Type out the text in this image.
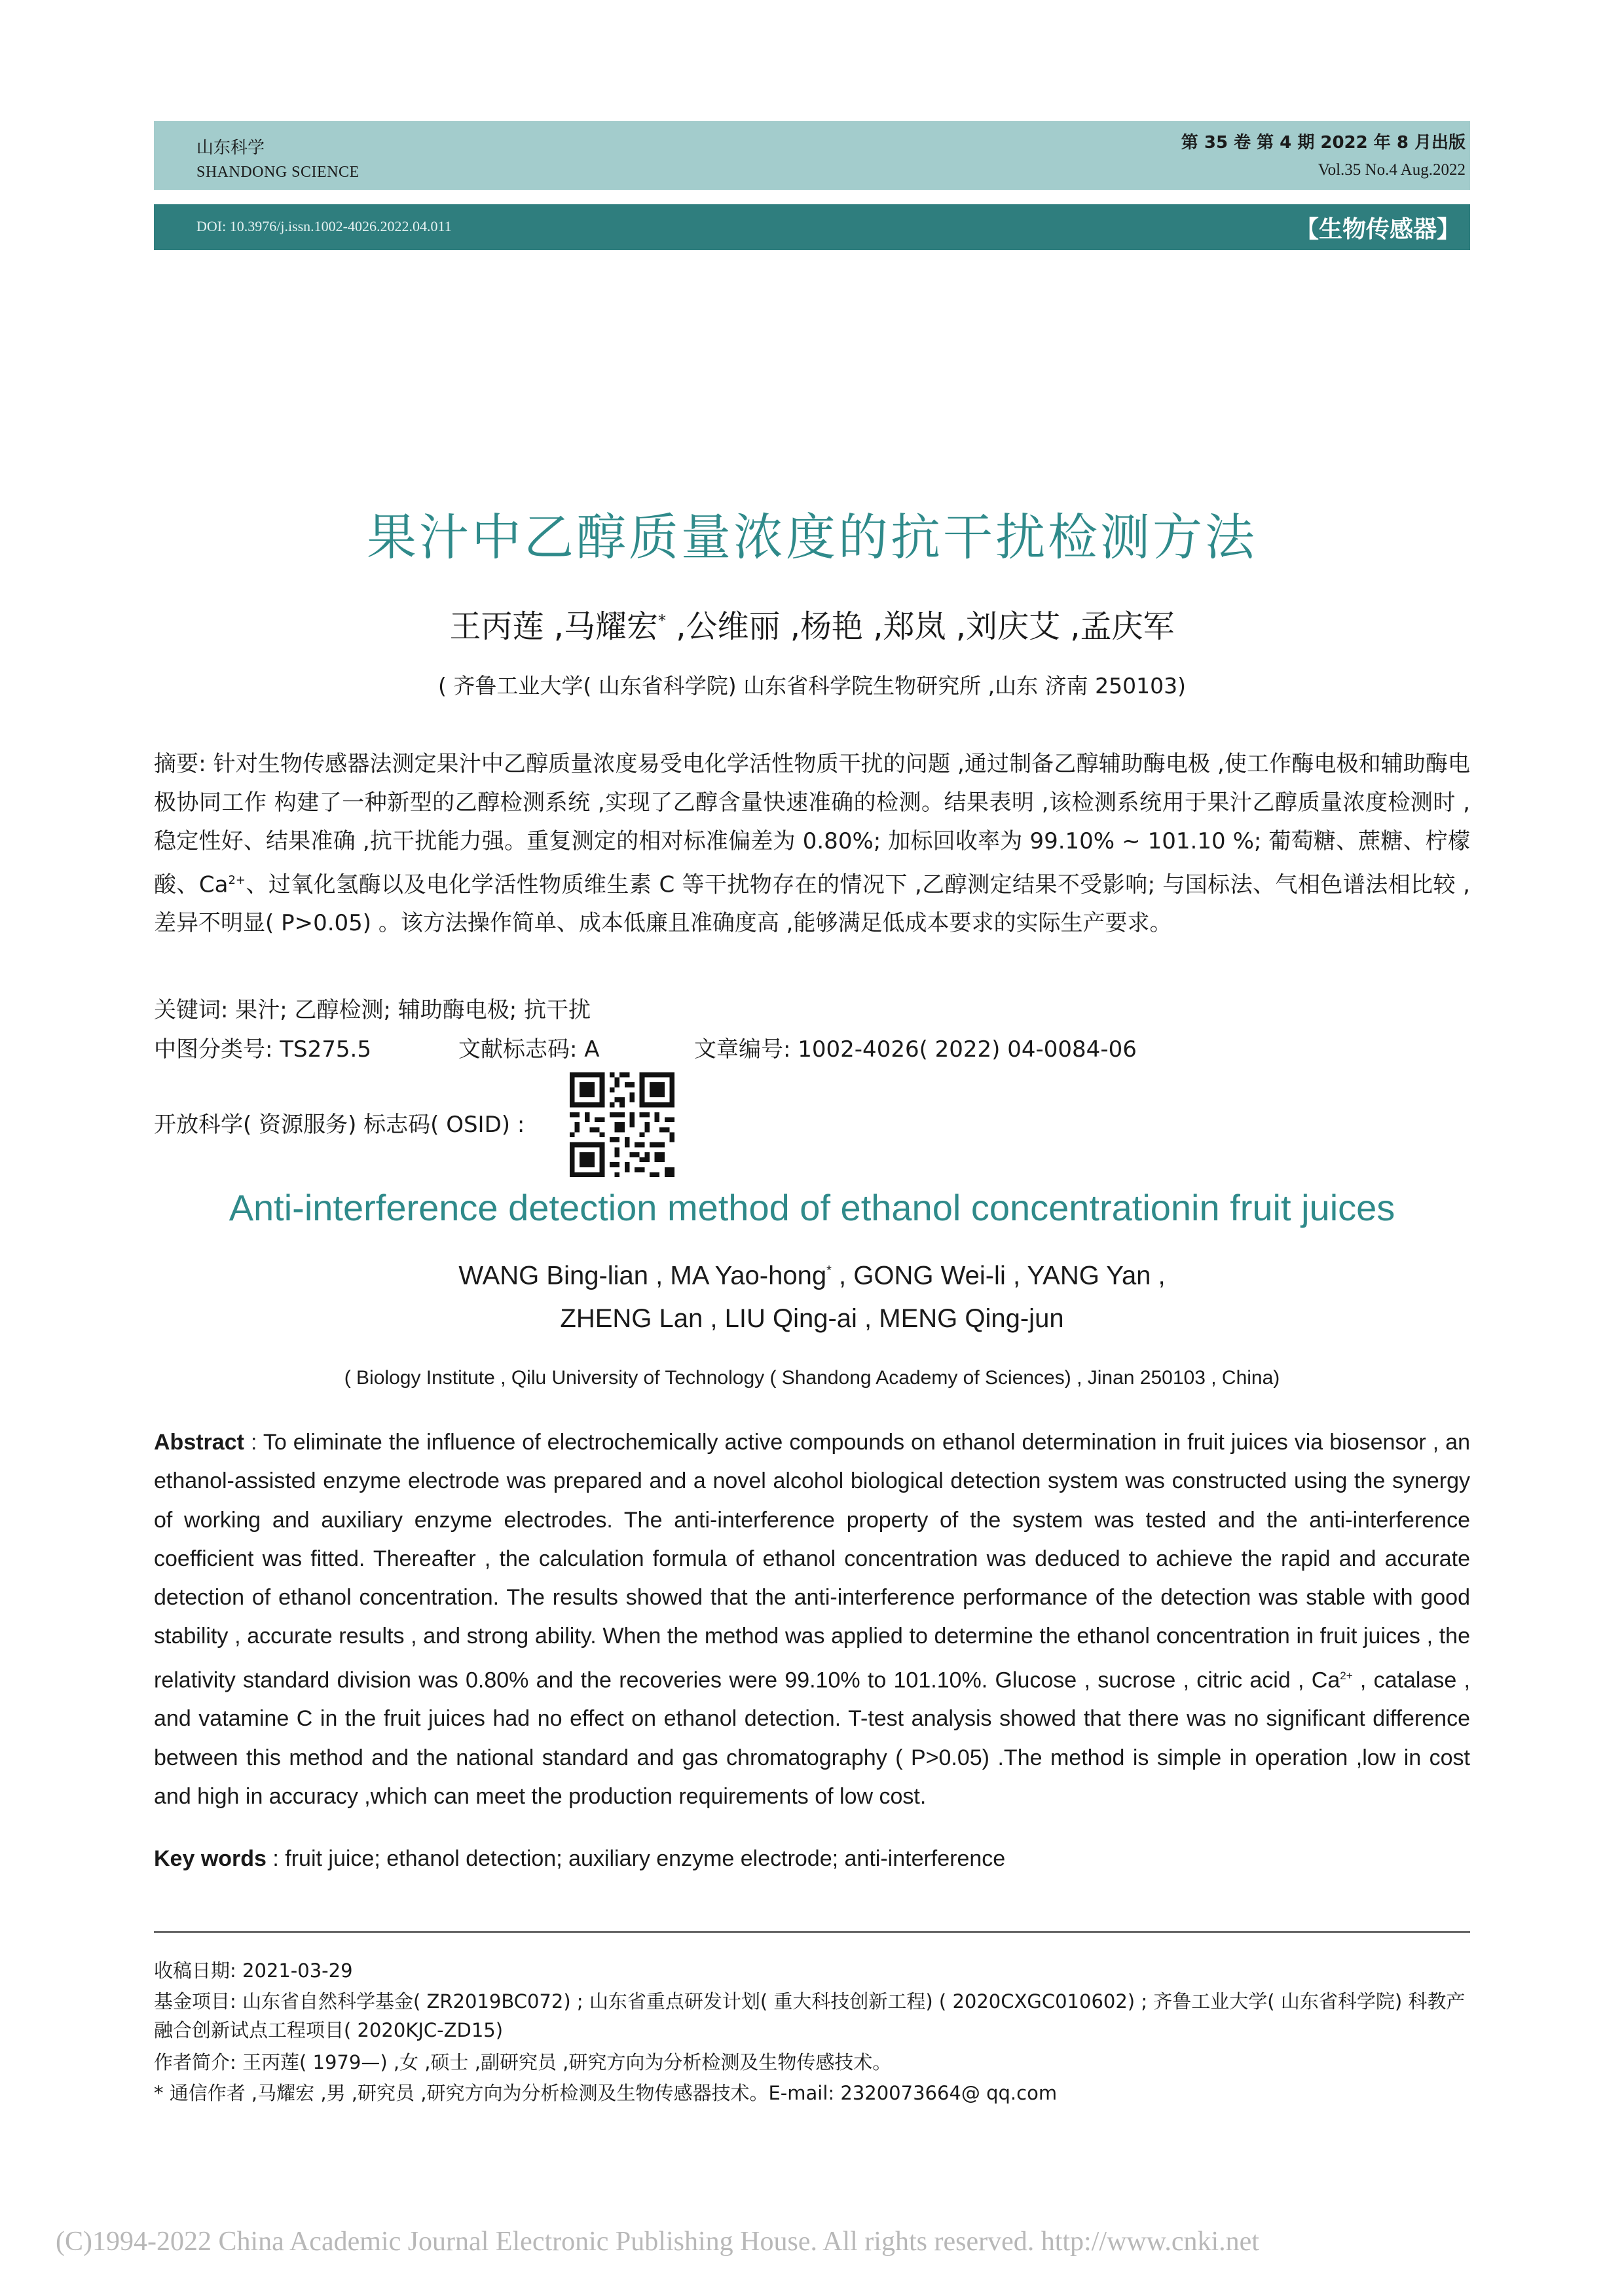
山东科学
SHANDONG SCIENCE
第 35 卷 第 4 期 2022 年 8 月出版
Vol.35 No.4 Aug.2022
DOI: 10.3976/j.issn.1002-4026.2022.04.011	【生物传感器】
果汁中乙醇质量浓度的抗干扰检测方法
王丙莲 ,马耀宏* ,公维丽 ,杨艳 ,郑岚 ,刘庆艾 ,孟庆军
( 齐鲁工业大学( 山东省科学院) 山东省科学院生物研究所 ,山东 济南 250103)
摘要: 针对生物传感器法测定果汁中乙醇质量浓度易受电化学活性物质干扰的问题 ,通过制备乙醇辅助酶电极 ,使工作酶电极和辅助酶电极协同工作 构建了一种新型的乙醇检测系统 ,实现了乙醇含量快速准确的检测。结果表明 ,该检测系统用于果汁乙醇质量浓度检测时 ,稳定性好、结果准确 ,抗干扰能力强。重复测定的相对标准偏差为 0.80%; 加标回收率为 99.10% ~ 101.10 %; 葡萄糖、蔗糖、柠檬酸、$Ca^{2+}$、过氧化氢酶以及电化学活性物质维生素 C 等干扰物存在的情况下 ,乙醇测定结果不受影响; 与国标法、气相色谱法相比较 ,差异不明显( P>0.05) 。该方法操作简单、成本低廉且准确度高 ,能够满足低成本要求的实际生产要求。
关键词: 果汁; 乙醇检测; 辅助酶电极; 抗干扰
中图分类号: TS275.5	文献标志码: A	文章编号: 1002-4026( 2022) 04-0084-06
开放科学( 资源服务) 标志码( OSID) :
Anti-interference detection method of ethanol concentrationin fruit juices
WANG Bing-lian , MA Yao-hong* , GONG Wei-li , YANG Yan ,
ZHENG Lan , LIU Qing-ai , MENG Qing-jun
( Biology Institute , Qilu University of Technology ( Shandong Academy of Sciences) , Jinan 250103 , China)
Abstract : To eliminate the influence of electrochemically active compounds on ethanol determination in fruit juices via biosensor , an ethanol-assisted enzyme electrode was prepared and a novel alcohol biological detection system was constructed using the synergy of working and auxiliary enzyme electrodes. The anti-interference property of the system was tested and the anti-interference coefficient was fitted. Thereafter , the calculation formula of ethanol concentration was deduced to achieve the rapid and accurate detection of ethanol concentration. The results showed that the anti-interference performance of the detection was stable with good stability , accurate results , and strong ability. When the method was applied to determine the ethanol concentration in fruit juices , the relativity standard division was 0.80% and the recoveries were 99.10% to 101.10%. Glucose , sucrose , citric acid , $Ca^{2+}$ , catalase , and vatamine C in the fruit juices had no effect on ethanol detection. T-test analysis showed that there was no significant difference between this method and the national standard and gas chromatography ( P>0.05) .The method is simple in operation ,low in cost and high in accuracy ,which can meet the production requirements of low cost.
Key words : fruit juice; ethanol detection; auxiliary enzyme electrode; anti-interference
收稿日期: 2021-03-29
基金项目: 山东省自然科学基金( ZR2019BC072) ; 山东省重点研发计划( 重大科技创新工程) ( 2020CXGC010602) ; 齐鲁工业大学( 山东省科学院) 科教产融合创新试点工程项目( 2020KJC-ZD15)
作者简介: 王丙莲( 1979—) ,女 ,硕士 ,副研究员 ,研究方向为分析检测及生物传感技术。
* 通信作者 ,马耀宏 ,男 ,研究员 ,研究方向为分析检测及生物传感器技术。E-mail: 2320073664@ qq.com
(C)1994-2022 China Academic Journal Electronic Publishing House. All rights reserved. http://www.cnki.net
